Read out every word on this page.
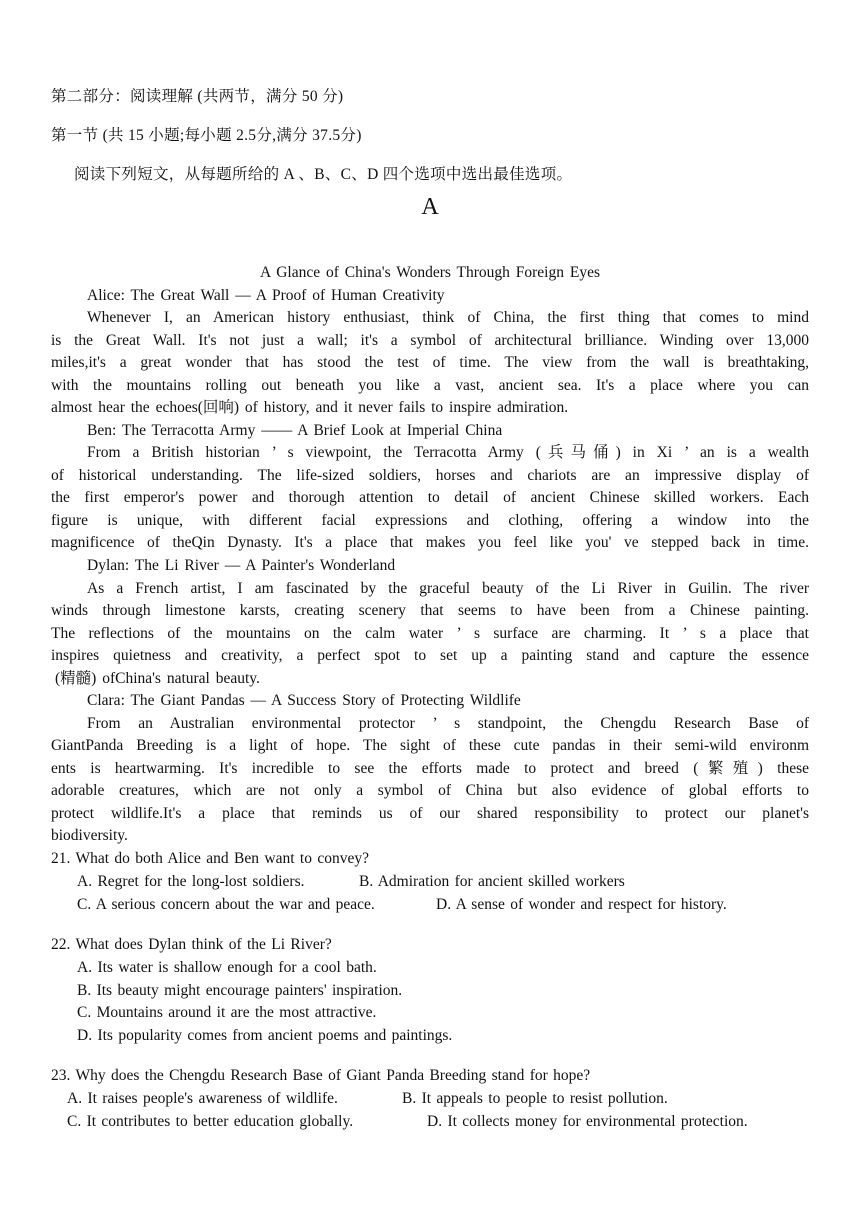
第二部分：阅读理解 (共两节，满分 50 分)
第一节 (共 15 小题;每小题 2.5分,满分 37.5分)
阅读下列短文，从每题所给的 A 、B、C、D 四个选项中选出最佳选项。
A
A Glance of China's Wonders Through Foreign Eyes
Alice: The Great Wall — A Proof of Human Creativity
Whenever I, an American history enthusiast, think of China, the first thing that comes to mind
is the Great Wall. It's not just a wall; it's a symbol of architectural brilliance. Winding over 13,000
miles,it's a great wonder that has stood the test of time. The view from the wall is breathtaking,
with the mountains rolling out beneath you like a vast, ancient sea. It's a place where you can
almost hear the echoes(回响) of history, and it never fails to inspire admiration.
Ben: The Terracotta Army —— A Brief Look at Imperial China
From a British historian ’ s viewpoint, the Terracotta Army (兵马俑) in Xi ’ an is a wealth
of historical understanding. The life-sized soldiers, horses and chariots are an impressive display of
the first emperor's power and thorough attention to detail of ancient Chinese skilled workers. Each
figure is unique, with different facial expressions and clothing, offering a window into the
magnificence of theQin Dynasty. It's a place that makes you feel like you' ve stepped back in time.
Dylan: The Li River — A Painter's Wonderland
As a French artist, I am fascinated by the graceful beauty of the Li River in Guilin. The river
winds through limestone karsts, creating scenery that seems to have been from a Chinese painting.
The reflections of the mountains on the calm water ’ s surface are charming. It ’ s a place that
inspires quietness and creativity, a perfect spot to set up a painting stand and capture the essence
(精髓) ofChina's natural beauty.
Clara: The Giant Pandas — A Success Story of Protecting Wildlife
From an Australian environmental protector ’ s standpoint, the Chengdu Research Base of
GiantPanda Breeding is a light of hope. The sight of these cute pandas in their semi-wild environm
ents is heartwarming. It's incredible to see the efforts made to protect and breed (繁殖) these
adorable creatures, which are not only a symbol of China but also evidence of global efforts to
protect wildlife.It's a place that reminds us of our shared responsibility to protect our planet's
biodiversity.
21. What do both Alice and Ben want to convey?
A. Regret for the long-lost soldiers.	B. Admiration for ancient skilled workers
C. A serious concern about the war and peace.	D. A sense of wonder and respect for history.
22. What does Dylan think of the Li River?
A. Its water is shallow enough for a cool bath.
B. Its beauty might encourage painters' inspiration.
C. Mountains around it are the most attractive.
D. Its popularity comes from ancient poems and paintings.
23. Why does the Chengdu Research Base of Giant Panda Breeding stand for hope?
A. It raises people's awareness of wildlife.	B. It appeals to people to resist pollution.
C. It contributes to better education globally.	D. It collects money for environmental protection.
